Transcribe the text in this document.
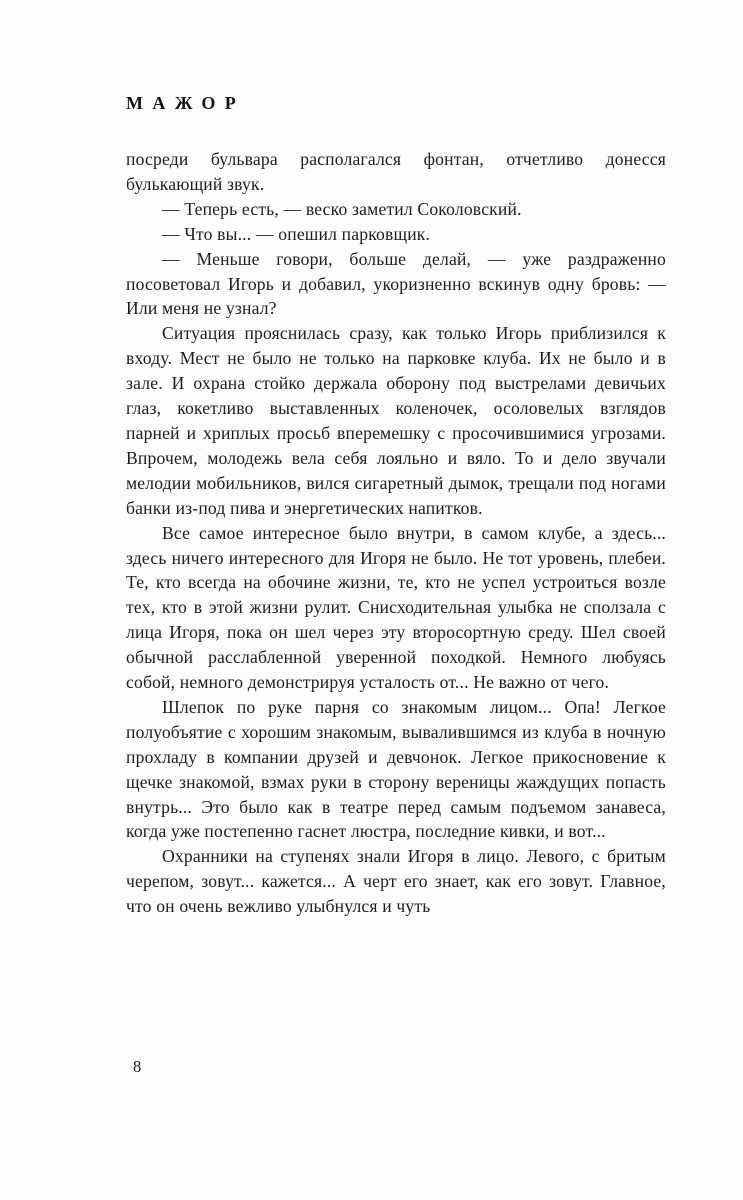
МАЖОР

посреди бульвара располагался фонтан, отчетливо донесся булькающий звук.

— Теперь есть, — веско заметил Соколовский.

— Что вы... — опешил парковщик.

— Меньше говори, больше делай, — уже раздраженно посоветовал Игорь и добавил, укоризненно вскинув одну бровь: — Или меня не узнал?

Ситуация прояснилась сразу, как только Игорь приблизился к входу. Мест не было не только на парковке клуба. Их не было и в зале. И охрана стойко держала оборону под выстрелами девичьих глаз, кокетливо выставленных коленочек, осоловелых взглядов парней и хриплых просьб вперемешку с просочившимися угрозами. Впрочем, молодежь вела себя лояльно и вяло. То и дело звучали мелодии мобильников, вился сигаретный дымок, трещали под ногами банки из-под пива и энергетических напитков.

Все самое интересное было внутри, в самом клубе, а здесь... здесь ничего интересного для Игоря не было. Не тот уровень, плебеи. Те, кто всегда на обочине жизни, те, кто не успел устроиться возле тех, кто в этой жизни рулит. Снисходительная улыбка не сползала с лица Игоря, пока он шел через эту второсортную среду. Шел своей обычной расслабленной уверенной походкой. Немного любуясь собой, немного демонстрируя усталость от... Не важно от чего.

Шлепок по руке парня со знакомым лицом... Опа! Легкое полуобъятие с хорошим знакомым, вывалившимся из клуба в ночную прохладу в компании друзей и девчонок. Легкое прикосновение к щечке знакомой, взмах руки в сторону вереницы жаждущих попасть внутрь... Это было как в театре перед самым подъемом занавеса, когда уже постепенно гаснет люстра, последние кивки, и вот...

Охранники на ступенях знали Игоря в лицо. Левого, с бритым черепом, зовут... кажется... А черт его знает, как его зовут. Главное, что он очень вежливо улыбнулся и чуть

8
